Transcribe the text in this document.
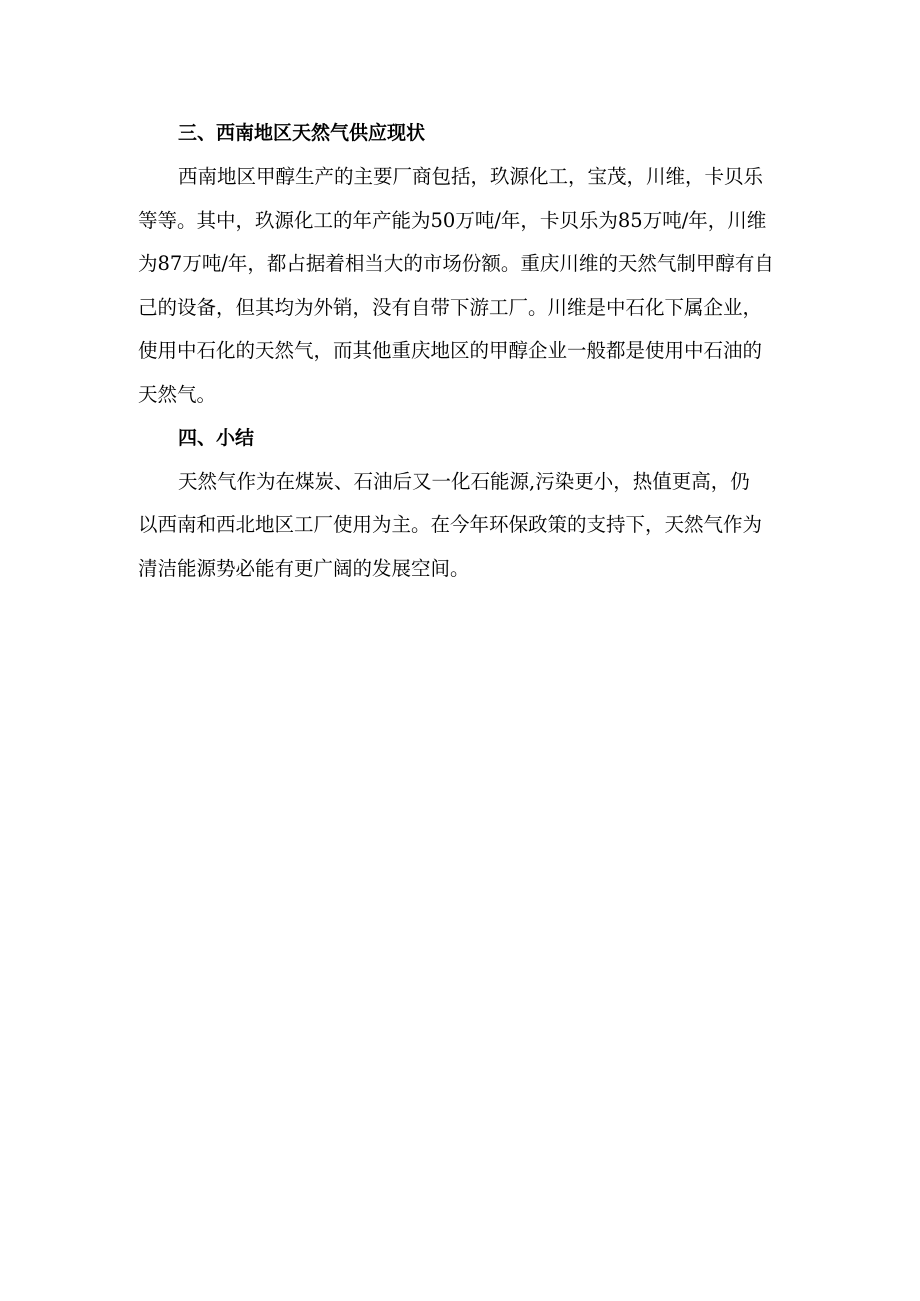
三、西南地区天然气供应现状
西南地区甲醇生产的主要厂商包括，玖源化工，宝茂，川维，卡贝乐
等等。其中，玖源化工的年产能为50万吨/年，卡贝乐为85万吨/年，川维
为87万吨/年，都占据着相当大的市场份额。重庆川维的天然气制甲醇有自
己的设备，但其均为外销，没有自带下游工厂。川维是中石化下属企业，
使用中石化的天然气，而其他重庆地区的甲醇企业一般都是使用中石油的
天然气。
四、小结
天然气作为在煤炭、石油后又一化石能源,污染更小，热值更高，仍
以西南和西北地区工厂使用为主。在今年环保政策的支持下，天然气作为
清洁能源势必能有更广阔的发展空间。
